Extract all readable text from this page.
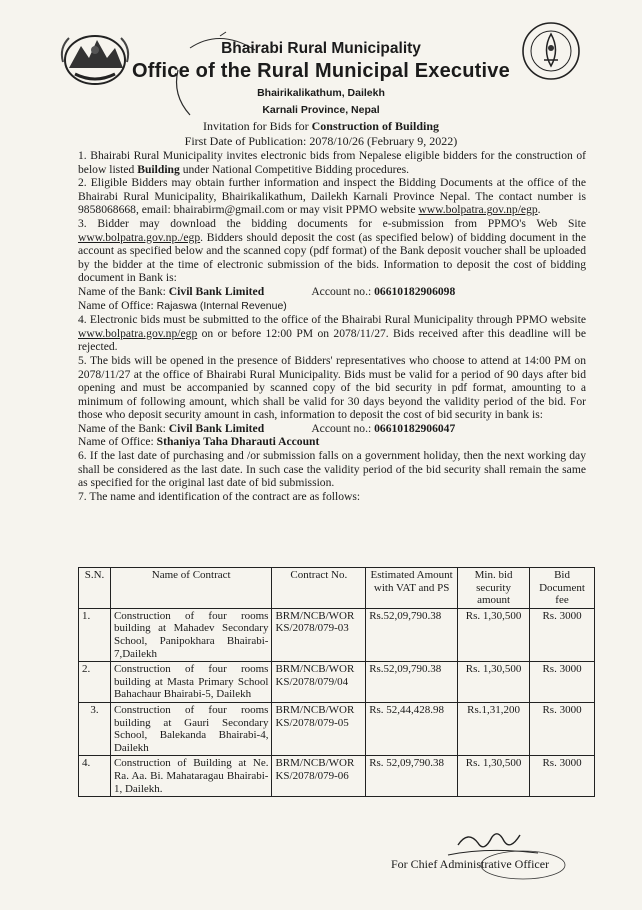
Bhairabi Rural Municipality
Office of the Rural Municipal Executive
Bhairikalikathum, Dailekh
Karnali Province, Nepal
Invitation for Bids for Construction of Building
First Date of Publication: 2078/10/26 (February 9, 2022)

1. Bhairabi Rural Municipality invites electronic bids from Nepalese eligible bidders for the construction of below listed Building under National Competitive Bidding procedures.

2. Eligible Bidders may obtain further information and inspect the Bidding Documents at the office of the Bhairabi Rural Municipality, Bhairikalikathum, Dailekh Karnali Province Nepal. The contact number is 9858068668, email: bhairabirm@gmail.com or may visit PPMO website www.bolpatra.gov.np/egp.

3. Bidder may download the bidding documents for e-submission from PPMO's Web Site www.bolpatra.gov.np./egp. Bidders should deposit the cost (as specified below) of bidding document in the account as specified below and the scanned copy (pdf format) of the Bank deposit voucher shall be uploaded by the bidder at the time of electronic submission of the bids. Information to deposit the cost of bidding document in Bank is:

Name of the Bank: Civil Bank Limited	Account no.: 06610182906098

Name of Office: Rajaswa (Internal Revenue)

4. Electronic bids must be submitted to the office of the Bhairabi Rural Municipality through PPMO website www.bolpatra.gov.np/egp on or before 12:00 PM on 2078/11/27. Bids received after this deadline will be rejected.

5. The bids will be opened in the presence of Bidders' representatives who choose to attend at 14:00 PM on 2078/11/27 at the office of Bhairabi Rural Municipality. Bids must be valid for a period of 90 days after bid opening and must be accompanied by scanned copy of the bid security in pdf format, amounting to a minimum of following amount, which shall be valid for 30 days beyond the validity period of the bid. For those who deposit security amount in cash, information to deposit the cost of bid security in bank is:

Name of the Bank: Civil Bank Limited	Account no.: 06610182906047

Name of Office: Sthaniya Taha Dharauti Account

6. If the last date of purchasing and /or submission falls on a government holiday, then the next working day shall be considered as the last date. In such case the validity period of the bid security shall remain the same as specified for the original last date of bid submission.

7. The name and identification of the contract are as follows:

S.N.	Name of Contract	Contract No.	Estimated Amount with VAT and PS	Min. bid security amount	Bid Document fee
1.	Construction of four rooms building at Mahadev Secondary School, Panipokhara Bhairabi-7,Dailekh	BRM/NCB/WORKS/2078/079-03	Rs.52,09,790.38	Rs. 1,30,500	Rs. 3000
2.	Construction of four rooms building at Masta Primary School Bahachaur Bhairabi-5, Dailekh	BRM/NCB/WORKS/2078/079/04	Rs.52,09,790.38	Rs. 1,30,500	Rs. 3000
3.	Construction of four rooms building at Gauri Secondary School, Balekanda Bhairabi-4, Dailekh	BRM/NCB/WORKS/2078/079-05	Rs. 52,44,428.98	Rs.1,31,200	Rs. 3000
4.	Construction of Building at Ne. Ra. Aa. Bi. Mahataragau Bhairabi-1, Dailekh.	BRM/NCB/WORKS/2078/079-06	Rs. 52,09,790.38	Rs. 1,30,500	Rs. 3000
For Chief Administrative Officer
